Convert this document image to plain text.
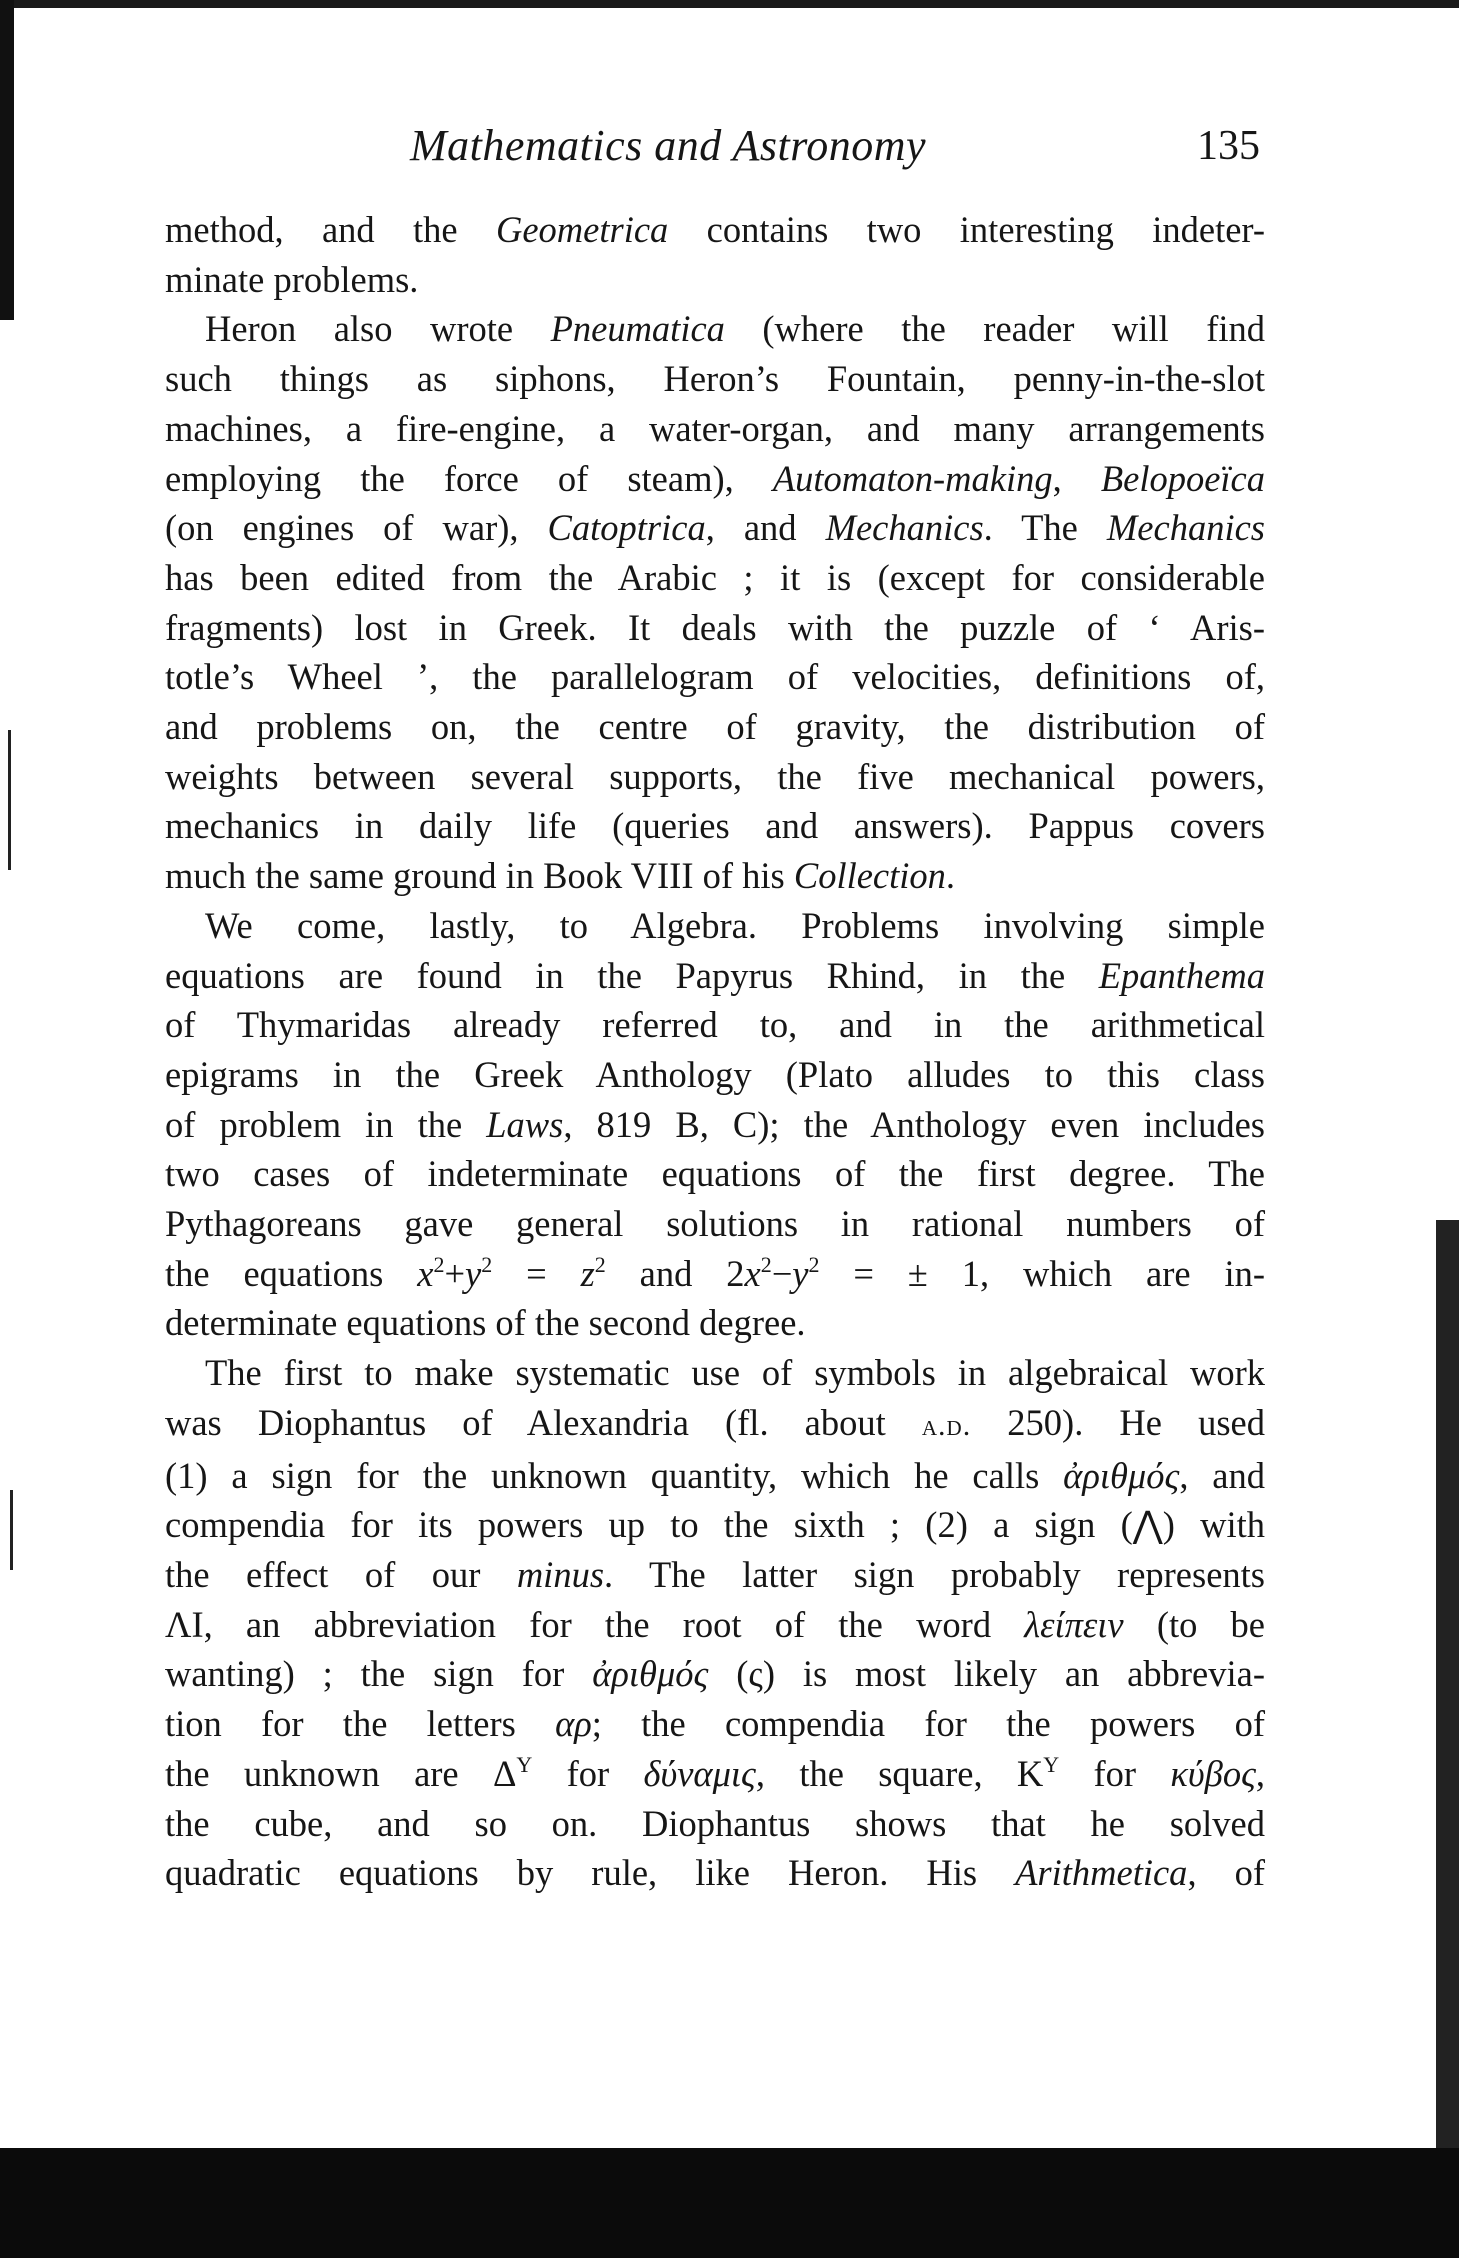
Mathematics and Astronomy	135
method, and the Geometrica contains two interesting indeter-
minate problems.
Heron also wrote Pneumatica (where the reader will find
such things as siphons, Heron’s Fountain, penny-in-the-slot
machines, a fire-engine, a water-organ, and many arrangements
employing the force of steam), Automaton-making, Belopoeïca
(on engines of war), Catoptrica, and Mechanics. The Mechanics
has been edited from the Arabic ; it is (except for considerable
fragments) lost in Greek. It deals with the puzzle of ‘ Aris-
totle’s Wheel ’, the parallelogram of velocities, definitions of,
and problems on, the centre of gravity, the distribution of
weights between several supports, the five mechanical powers,
mechanics in daily life (queries and answers). Pappus covers
much the same ground in Book VIII of his Collection.
We come, lastly, to Algebra. Problems involving simple
equations are found in the Papyrus Rhind, in the Epanthema
of Thymaridas already referred to, and in the arithmetical
epigrams in the Greek Anthology (Plato alludes to this class
of problem in the Laws, 819 B, C); the Anthology even includes
two cases of indeterminate equations of the first degree. The
Pythagoreans gave general solutions in rational numbers of
the equations $x^2+y^2 = z^2$ and $2x^2-y^2$ = ± 1, which are in-
determinate equations of the second degree.
The first to make systematic use of symbols in algebraical work
was Diophantus of Alexandria (fl. about a.d. 250). He used
(1) a sign for the unknown quantity, which he calls ἀριθμός, and
compendia for its powers up to the sixth ; (2) a sign (⋀) with
the effect of our minus. The latter sign probably represents
ΛΙ, an abbreviation for the root of the word λείπειν (to be
wanting) ; the sign for ἀριθμός (ς) is most likely an abbrevia-
tion for the letters αρ; the compendia for the powers of
the unknown are $\Delta^Y$ for δύναμις, the square, $K^Y$ for κύβος,
the cube, and so on. Diophantus shows that he solved
quadratic equations by rule, like Heron. His Arithmetica, of
